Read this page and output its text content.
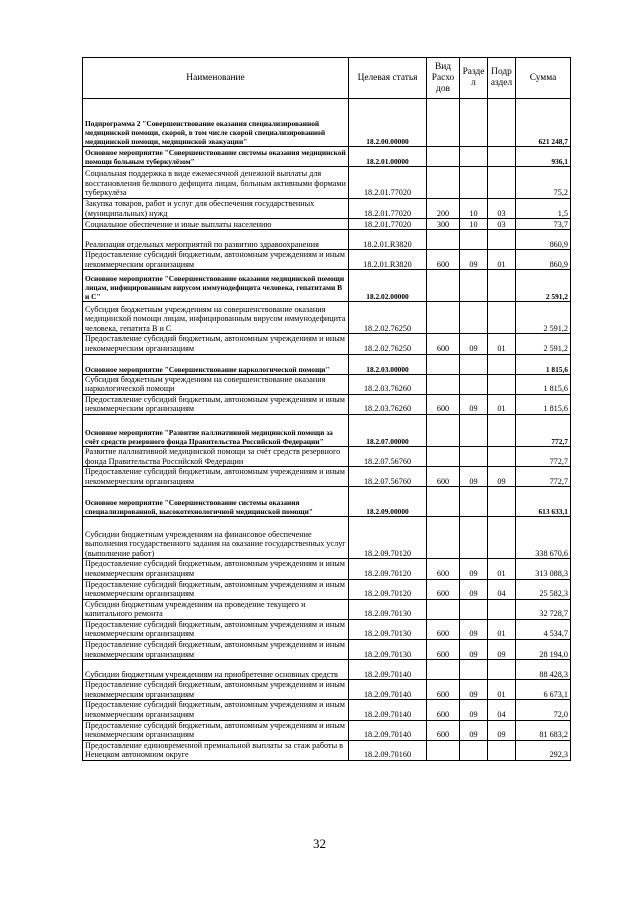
Наименование	Целевая статья	Вид Расхо дов	Разде л	Подр аздел	Сумма
Подпрограмма 2 "Совершенствование оказания специализированной медицинской помощи, скорой, в том числе скорой специализированной медицинской помощи, медицинской эвакуации"	18.2.00.00000				621 248,7
Основное мероприятие "Совершенствование системы оказания медицинской помощи больным туберкулёзом"	18.2.01.00000				936,1
Социальная поддержка в виде ежемесячной денежной выплаты для восстановления белкового дефицита лицам, больным активными формами туберкулёза	18.2.01.77020				75,2
Закупка товаров, работ и услуг для обеспечения государственных (муниципальных) нужд	18.2.01.77020	200	10	03	1,5
Социальное обеспечение и иные выплаты населению	18.2.01.77020	300	10	03	73,7
Реализация отдельных мероприятий по развитию здравоохранения	18.2.01.R3820				860,9
Предоставление субсидий бюджетным, автономным учреждениям и иным некоммерческим организациям	18.2.01.R3820	600	09	01	860,9
Основное мероприятие "Совершенствование оказания медицинской помощи лицам, инфицированным вирусом иммунодефицита человека, гепатитами В и С"	18.2.02.00000				2 591,2
Субсидия бюджетным учреждениям на совершенствование оказания медицинской помощи лицам, инфицированным вирусом иммунодефицита человека, гепатита В и С	18.2.02.76250				2 591,2
Предоставление субсидий бюджетным, автономным учреждениям и иным некоммерческим организациям	18.2.02.76250	600	09	01	2 591,2
Основное мероприятие "Совершенствование наркологической помощи"	18.2.03.00000				1 815,6
Субсидия бюджетным учреждениям на совершенствование оказания наркологической помощи	18.2.03.76260				1 815,6
Предоставление субсидий бюджетным, автономным учреждениям и иным некоммерческим организациям	18.2.03.76260	600	09	01	1 815,6
Основное мероприятие "Развитие паллиативной медицинской помощи за счёт средств резервного фонда Правительства Российской Федерации"	18.2.07.00000				772,7
Развитие паллиативной медицинской помощи за счёт средств резервного фонда Правительства Российской Федерации	18.2.07.56760				772,7
Предоставление субсидий бюджетным, автономным учреждениям и иным некоммерческим организациям	18.2.07.56760	600	09	09	772,7
Основное мероприятие "Совершенствование системы оказания специализированной, высокотехнологичной медицинской помощи"	18.2.09.00000				613 633,1
Субсидии бюджетным учреждениям на финансовое обеспечение выполнения государственного задания на оказание государственных услуг (выполнение работ)	18.2.09.70120				338 670,6
Предоставление субсидий бюджетным, автономным учреждениям и иным некоммерческим организациям	18.2.09.70120	600	09	01	313 088,3
Предоставление субсидий бюджетным, автономным учреждениям и иным некоммерческим организациям	18.2.09.70120	600	09	04	25 582,3
Субсидии бюджетным учреждениям на проведение текущего и капитального ремонта	18.2.09.70130				32 728,7
Предоставление субсидий бюджетным, автономным учреждениям и иным некоммерческим организациям	18.2.09.70130	600	09	01	4 534,7
Предоставление субсидий бюджетным, автономным учреждениям и иным некоммерческим организациям	18.2.09.70130	600	09	09	28 194,0
Субсидии бюджетным учреждениям на приобретение основных средств	18.2.09.70140				88 428,3
Предоставление субсидий бюджетным, автономным учреждениям и иным некоммерческим организациям	18.2.09.70140	600	09	01	6 673,1
Предоставление субсидий бюджетным, автономным учреждениям и иным некоммерческим организациям	18.2.09.70140	600	09	04	72,0
Предоставление субсидий бюджетным, автономным учреждениям и иным некоммерческим организациям	18.2.09.70140	600	09	09	81 683,2
Предоставление единовременной премиальной выплаты за стаж работы в Ненецком автономном округе	18.2.09.70160				292,3
32
